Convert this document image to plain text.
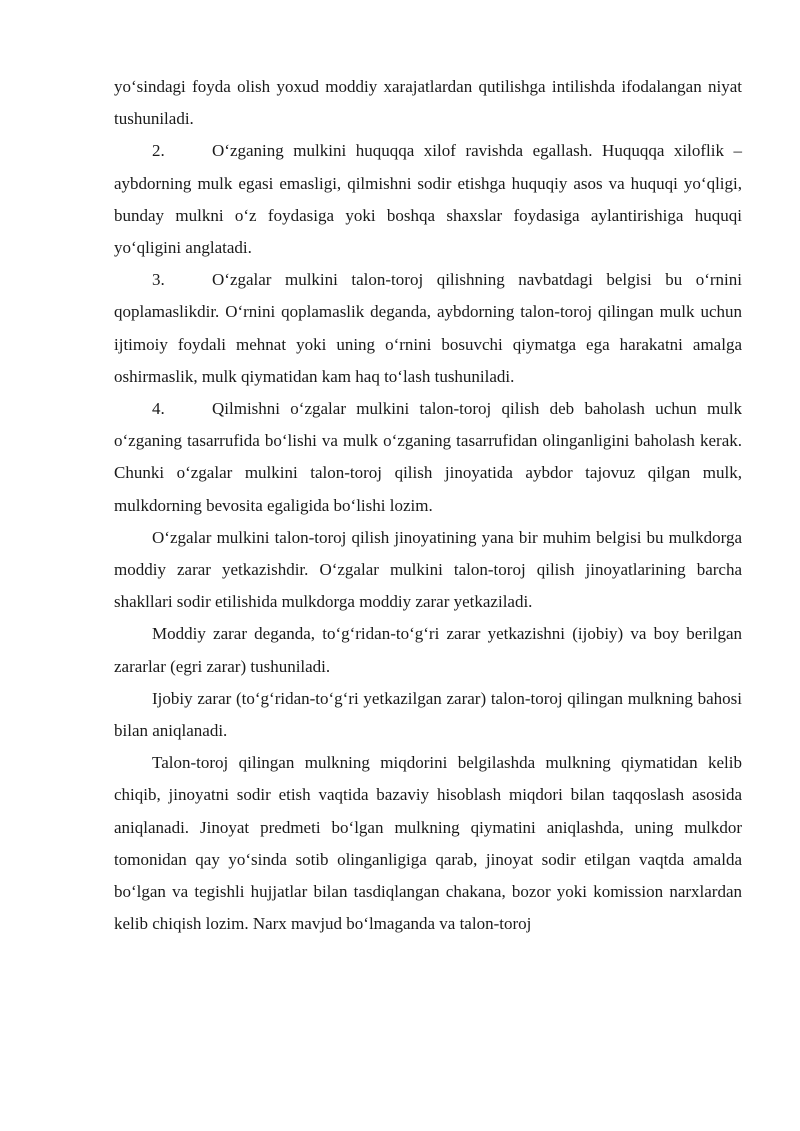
yo‘sindagi foyda olish yoxud moddiy xarajatlardan qutilishga intilishda ifodalangan niyat tushuniladi.

2.	O‘zganing mulkini huquqqa xilof ravishda egallash. Huquqqa xiloflik – aybdorning mulk egasi emasligi, qilmishni sodir etishga huquqiy asos va huquqi yo‘qligi, bunday mulkni o‘z foydasiga yoki boshqa shaxslar foydasiga aylantirishiga huquqi yo‘qligini anglatadi.

3.	O‘zgalar mulkini talon-toroj qilishning navbatdagi belgisi bu o‘rnini qoplamaslikdir. O‘rnini qoplamaslik deganda, aybdorning talon-toroj qilingan mulk uchun ijtimoiy foydali mehnat yoki uning o‘rnini bosuvchi qiymatga ega harakatni amalga oshirmaslik, mulk qiymatidan kam haq to‘lash tushuniladi.

4.	Qilmishni o‘zgalar mulkini talon-toroj qilish deb baholash uchun mulk o‘zganing tasarrufida bo‘lishi va mulk o‘zganing tasarrufidan olinganligini baholash kerak. Chunki o‘zgalar mulkini talon-toroj qilish jinoyatida aybdor tajovuz qilgan mulk, mulkdorning bevosita egaligida bo‘lishi lozim.

O‘zgalar mulkini talon-toroj qilish jinoyatining yana bir muhim belgisi bu mulkdorga moddiy zarar yetkazishdir. O‘zgalar mulkini talon-toroj qilish jinoyatlarining barcha shakllari sodir etilishida mulkdorga moddiy zarar yetkaziladi.

Moddiy zarar deganda, to‘g‘ridan-to‘g‘ri zarar yetkazishni (ijobiy) va boy berilgan zararlar (egri zarar) tushuniladi.

Ijobiy zarar (to‘g‘ridan-to‘g‘ri yetkazilgan zarar) talon-toroj qilingan mulkning bahosi bilan aniqlanadi.

Talon-toroj qilingan mulkning miqdorini belgilashda mulkning qiymatidan kelib chiqib, jinoyatni sodir etish vaqtida bazaviy hisoblash miqdori bilan taqqoslash asosida aniqlanadi. Jinoyat predmeti bo‘lgan mulkning qiymatini aniqlashda, uning mulkdor tomonidan qay yo‘sinda sotib olinganligiga qarab, jinoyat sodir etilgan vaqtda amalda bo‘lgan va tegishli hujjatlar bilan tasdiqlangan chakana, bozor yoki komission narxlardan kelib chiqish lozim. Narx mavjud bo‘lmaganda va talon-toroj
